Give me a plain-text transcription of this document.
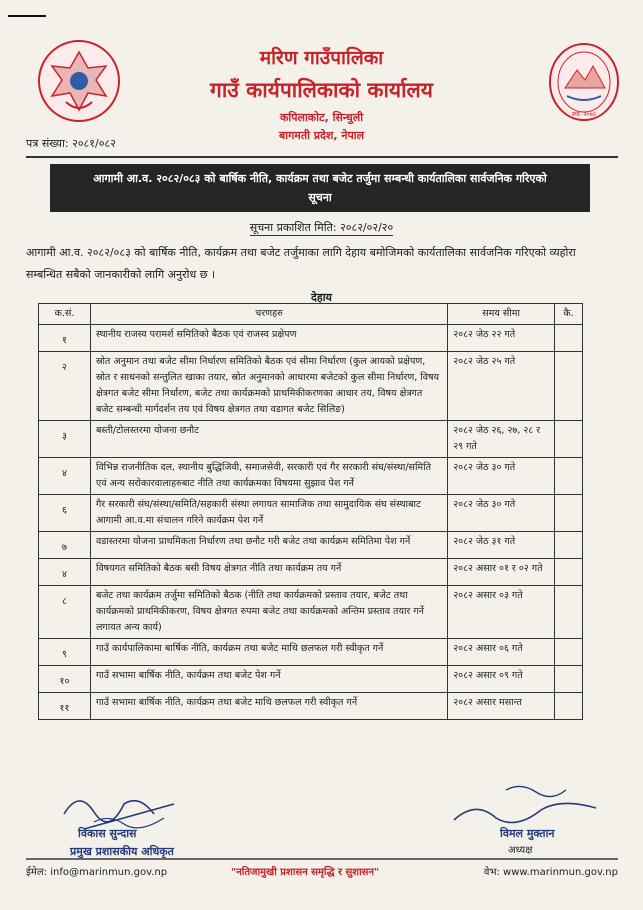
स्था. २०७३
मरिण गाउँपालिका
गाउँ कार्यपालिकाको कार्यालय
कपिलाकोट, सिन्धुली
बागमती प्रदेश, नेपाल
पत्र संख्या: २०८१/०८२
आगामी आ.व. २०८२/०८३ को बार्षिक नीति, कार्यक्रम तथा बजेट तर्जुमा सम्बन्धी कार्यतालिका सार्वजनिक गरिएको सूचना
सूचना प्रकाशित मिति: २०८२/०२/२०
आगामी आ.व. २०८२/०८३ को बार्षिक नीति, कार्यक्रम तथा बजेट तर्जुमाका लागि देहाय बमोजिमको कार्यतालिका सार्वजनिक गरिएको व्यहोरा सम्बन्धित सबैको जानकारीको लागि अनुरोध छ ।
देहाय
क.सं.	चरणहरु	समय सीमा	कै.
१	स्थानीय राजस्व परामर्श समितिको बैठक एवं राजस्व प्रक्षेपण	२०८२ जेठ २२ गते	
२	स्रोत अनुमान तथा बजेट सीमा निर्धारण समितिको बैठक एवं सीमा निर्धारण (कुल आयको प्रक्षेपण, स्रोत र साधनको सन्तुलित खाका तयार, स्रोत अनुमानको आधारमा बजेटको कुल सीमा निर्धारण, विषय क्षेत्रगत बजेट सीमा निर्धारण, बजेट तथा कार्यक्रमको प्राथमिकीकरणका आधार तय, विषय क्षेत्रगत बजेट सम्बन्धी मार्गदर्शन तय एवं विषय क्षेत्रगत तथा वडागत बजेट सिलिङ)	२०८२ जेठ २५ गते	
३	बस्ती/टोलस्तरमा योजना छनौट	२०८२ जेठ २६, २७, २८ र २९ गते	
४	विभिन्न राजनीतिक दल, स्थानीय बुद्धिजिवी, समाजसेवी, सरकारी एवं गैर सरकारी संघ/संस्था/समिति एवं अन्य सरोकारवालाहरुबाट नीति तथा कार्यक्रमका विषयमा सुझाव पेश गर्ने	२०८२ जेठ ३० गते	
६	गैर सरकारी संघ/संस्था/समिति/सहकारी संस्था लगायत सामाजिक तथा सामुदायिक संघ संस्थाबाट आगामी आ.व.मा संचालन गरिने कार्यक्रम पेश गर्ने	२०८२ जेठ ३० गते	
७	वडास्तरमा योजना प्राथमिकता निर्धारण तथा छनौट गरी बजेट तथा कार्यक्रम समितिमा पेश गर्ने	२०८२ जेठ ३१ गते	
४	विषयगत समितिको बैठक बसी विषय क्षेत्रगत नीति तथा कार्यक्रम तय गर्ने	२०८२ असार ०१ र ०२ गते	
८	बजेट तथा कार्यक्रम तर्जुमा समितिको बैठक (नीति तथा कार्यक्रमको प्रस्ताव तयार, बजेट तथा कार्यक्रमको प्राथमिकीकरण, विषय क्षेत्रगत रुपमा बजेट तथा कार्यक्रमको अन्तिम प्रस्ताव तयार गर्ने लगायत अन्य कार्य)	२०८२ असार ०३ गते	
९	गाउँ कार्यपालिकामा बार्षिक नीति, कार्यक्रम तथा बजेट माथि छलफल गरी स्वीकृत गर्ने	२०८२ असार ०६ गते	
१०	गाउँ सभामा बार्षिक नीति, कार्यक्रम तथा बजेट पेश गर्ने	२०८२ असार ०९ गते	
११	गाउँ सभामा बार्षिक नीति, कार्यक्रम तथा बजेट माथि छलफल गरी स्वीकृत गर्ने	२०८२ असार मसान्त	
विकास सुन्दास
प्रमुख प्रशासकीय अधिकृत
विमल मुक्तान
अध्यक्ष
ईमेल: info@marinmun.gov.np	"नतिजामुखी प्रशासन समृद्धि र सुशासन"	वेभ: www.marinmun.gov.np
